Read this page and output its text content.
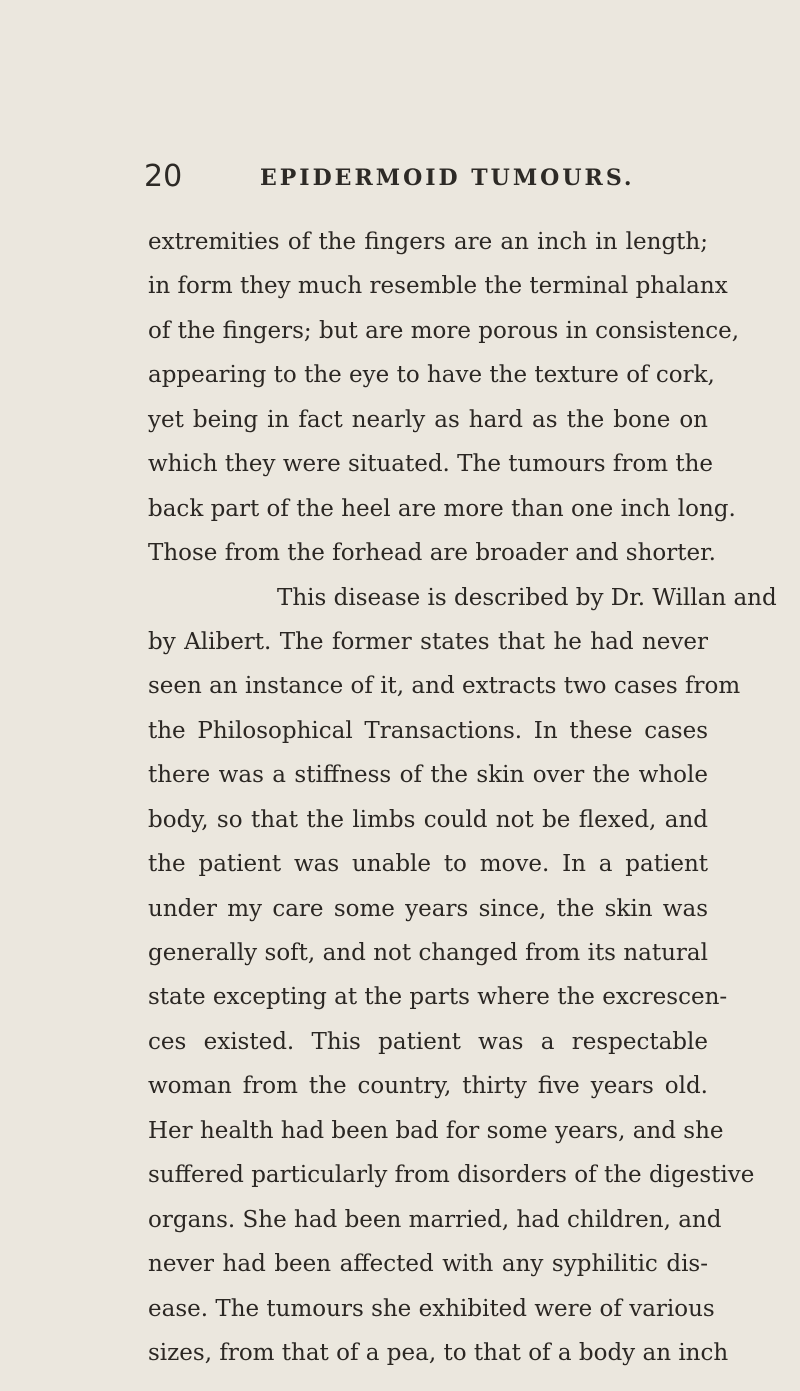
20	EPIDERMOID TUMOURS.
extremities of the fingers are an inch in length;
in form they much resemble the terminal phalanx
of the fingers; but are more porous in consistence,
appearing to the eye to have the texture of cork,
yet being in fact nearly as hard as the bone on
which they were situated. The tumours from the
back part of the heel are more than one inch long.
Those from the forhead are broader and shorter.
This disease is described by Dr. Willan and
by Alibert. The former states that he had never
seen an instance of it, and extracts two cases from
the Philosophical Transactions. In these cases
there was a stiffness of the skin over the whole
body, so that the limbs could not be flexed, and
the patient was unable to move. In a patient
under my care some years since, the skin was
generally soft, and not changed from its natural
state excepting at the parts where the excrescen-
ces existed. This patient was a respectable
woman from the country, thirty five years old.
Her health had been bad for some years, and she
suffered particularly from disorders of the digestive
organs. She had been married, had children, and
never had been affected with any syphilitic dis-
ease. The tumours she exhibited were of various
sizes, from that of a pea, to that of a body an inch
